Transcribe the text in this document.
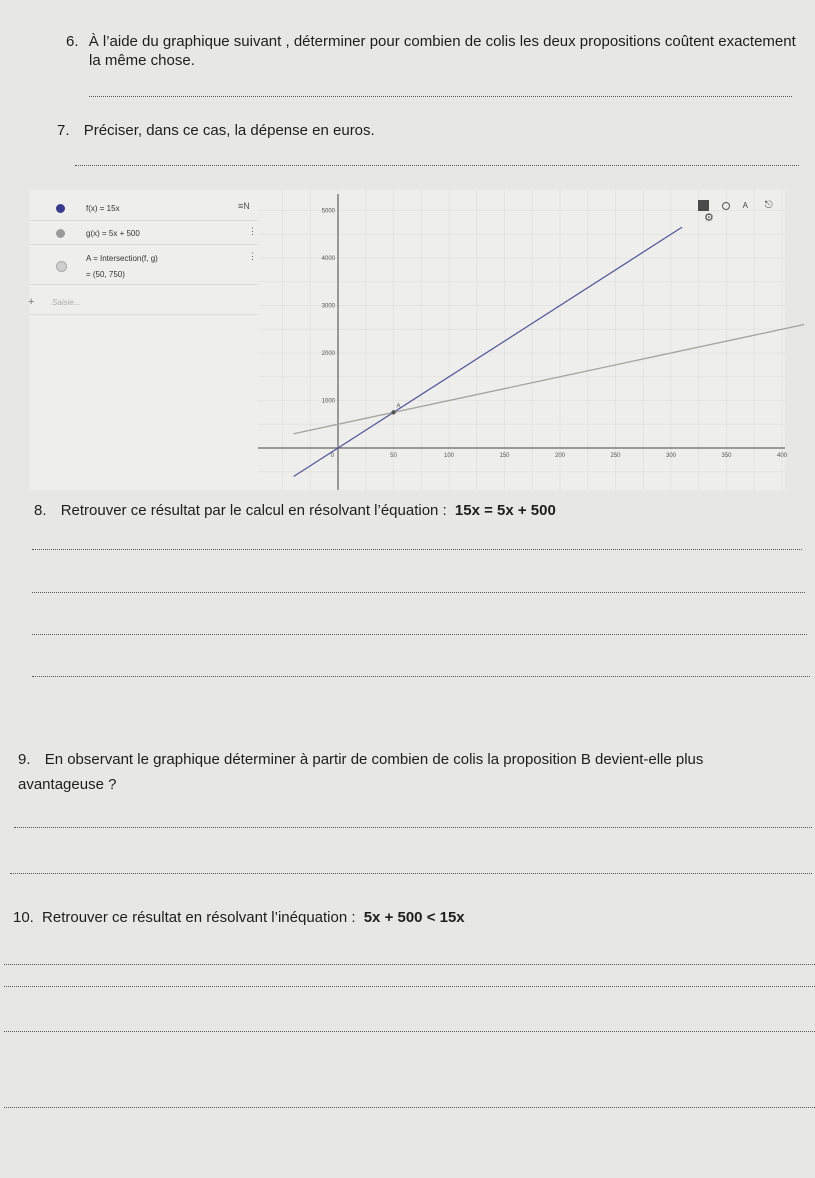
6. À l’aide du graphique suivant , déterminer pour combien de colis les deux propositions coûtent exactement
la même chose.
7. Préciser, dans ce cas, la dépense en euros.
f(x) = 15x	≡N
g(x) = 5x + 500	⋮
A = Intersection(f, g)
= (50, 750)
⋮
+ Saisie...
50	100	150	200	250	300	350	400
1000
2000
3000
4000
5000
0
A
A ⎋ ⚙
8. Retrouver ce résultat par le calcul en résolvant l’équation : 15x = 5x + 500
9. En observant le graphique déterminer à partir de combien de colis la proposition B devient-elle plus
avantageuse ?
10. Retrouver ce résultat en résolvant l’inéquation : 5x + 500 < 15x
